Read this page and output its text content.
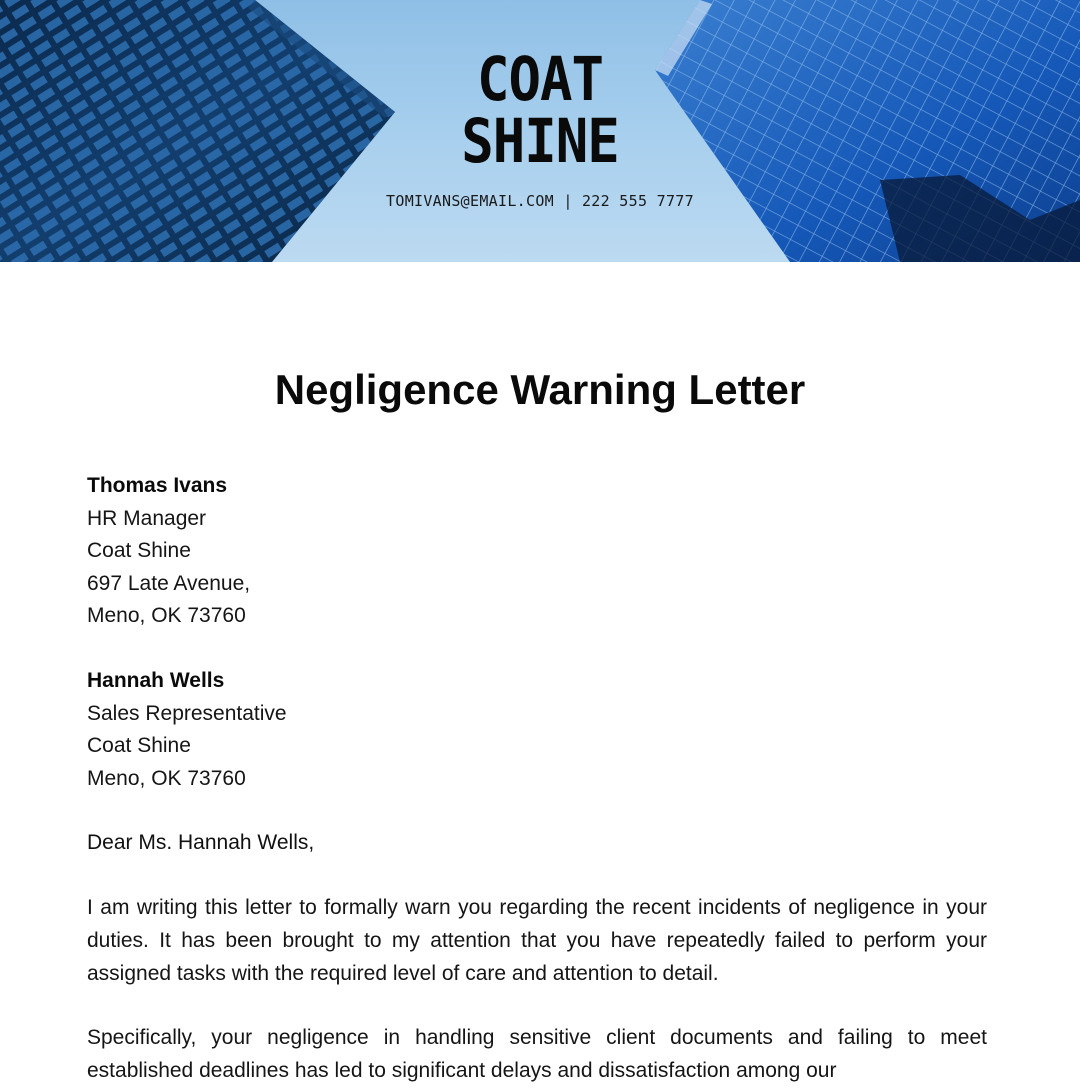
COAT
SHINE
TOMIVANS@EMAIL.COM | 222 555 7777
Negligence Warning Letter
Thomas Ivans
HR Manager
Coat Shine
697 Late Avenue,
Meno, OK 73760
Hannah Wells
Sales Representative
Coat Shine
Meno, OK 73760
Dear Ms. Hannah Wells,

I am writing this letter to formally warn you regarding the recent incidents of negligence in your duties. It has been brought to my attention that you have repeatedly failed to perform your assigned tasks with the required level of care and attention to detail.

Specifically, your negligence in handling sensitive client documents and failing to meet established deadlines has led to significant delays and dissatisfaction among our
